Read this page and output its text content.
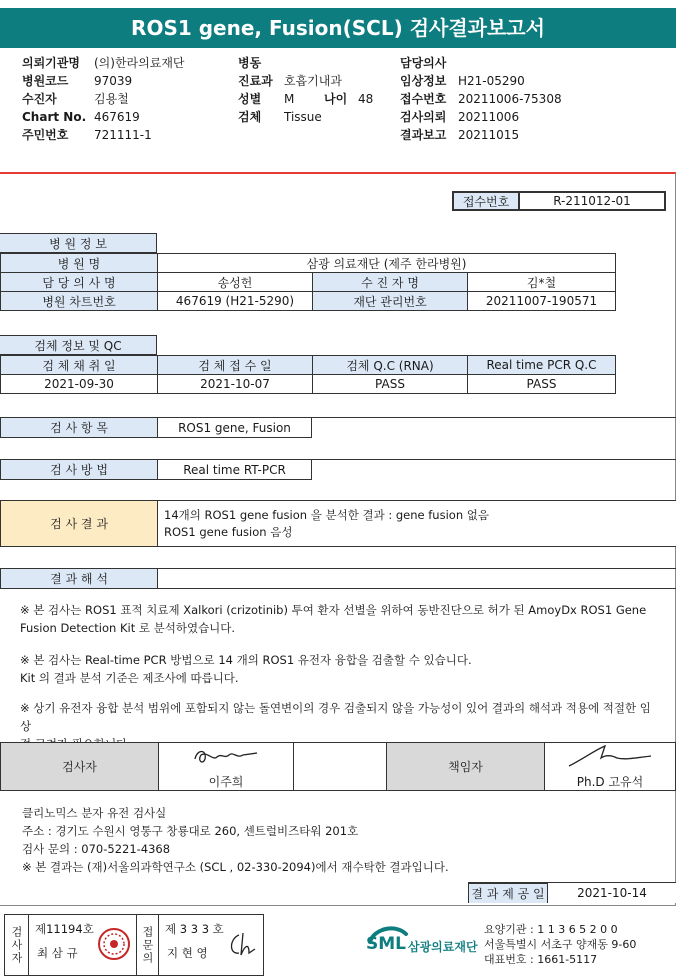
ROS1 gene, Fusion(SCL) 검사결과보고서
의뢰기관명 (의)한라의료재단
병원코드 97039
수진자	김용철
Chart No. 467619
주민번호 721111-1
병동
진료과 호흡기내과
성별 M 나이 48
검체 Tissue
담당의사
임상정보 H21-05290
접수번호 20211006-75308
검사의뢰 20211006
결과보고 20211015
접수번호	R-211012-01
병 원 정 보
병 원 명	삼광 의료재단 (제주 한라병원)		
담 당 의 사 명	송성헌	수 진 자 명	김*철
병원 차트번호	467619 (H21-5290)	재단 관리번호	20211007-190571
검체 정보 및 QC
검 체 채 취 일	검 체 접 수 일	검체 Q.C (RNA)	Real time PCR Q.C
2021-09-30	2021-10-07	PASS	PASS
검 사 항 목	ROS1 gene, Fusion
검 사 방 법	Real time RT-PCR
검 사 결 과
14개의 ROS1 gene fusion 을 분석한 결과 : gene fusion 없음
ROS1 gene fusion 음성
결 과 해 석
※ 본 검사는 ROS1 표적 치료제 Xalkori (crizotinib) 투여 환자 선별을 위하여 동반진단으로 허가 된 AmoyDx ROS1 Gene
Fusion Detection Kit 로 분석하였습니다.
※ 본 검사는 Real-time PCR 방법으로 14 개의 ROS1 유전자 융합을 검출할 수 있습니다.
Kit 의 결과 분석 기준은 제조사에 따릅니다.
※ 상기 유전자 융합 분석 범위에 포함되지 않는 돌연변이의 경우 검출되지 않을 가능성이 있어 결과의 해석과 적용에 적절한 임상
검사자			책임자	
	이주희			Ph.D 고유석
클리노믹스 분자 유전 검사실
주소 : 경기도 수원시 영통구 창룡대로 260, 센트럴비즈타워 201호
검사 문의 : 070-5221-4368
※ 본 결과는 (재)서울의과학연구소 (SCL , 02-330-2094)에서 재수탁한 결과입니다.
결 과 제 공 일	2021-10-14
검사자	제11194호
최 삼 규	접문의 제 3 3 3 호
지 현 영	SML 삼광의료재단
요양기관 : 1 1 3 6 5 2 0 0
서울특별시 서초구 양재동 9-60
대표번호 : 1661-5117
